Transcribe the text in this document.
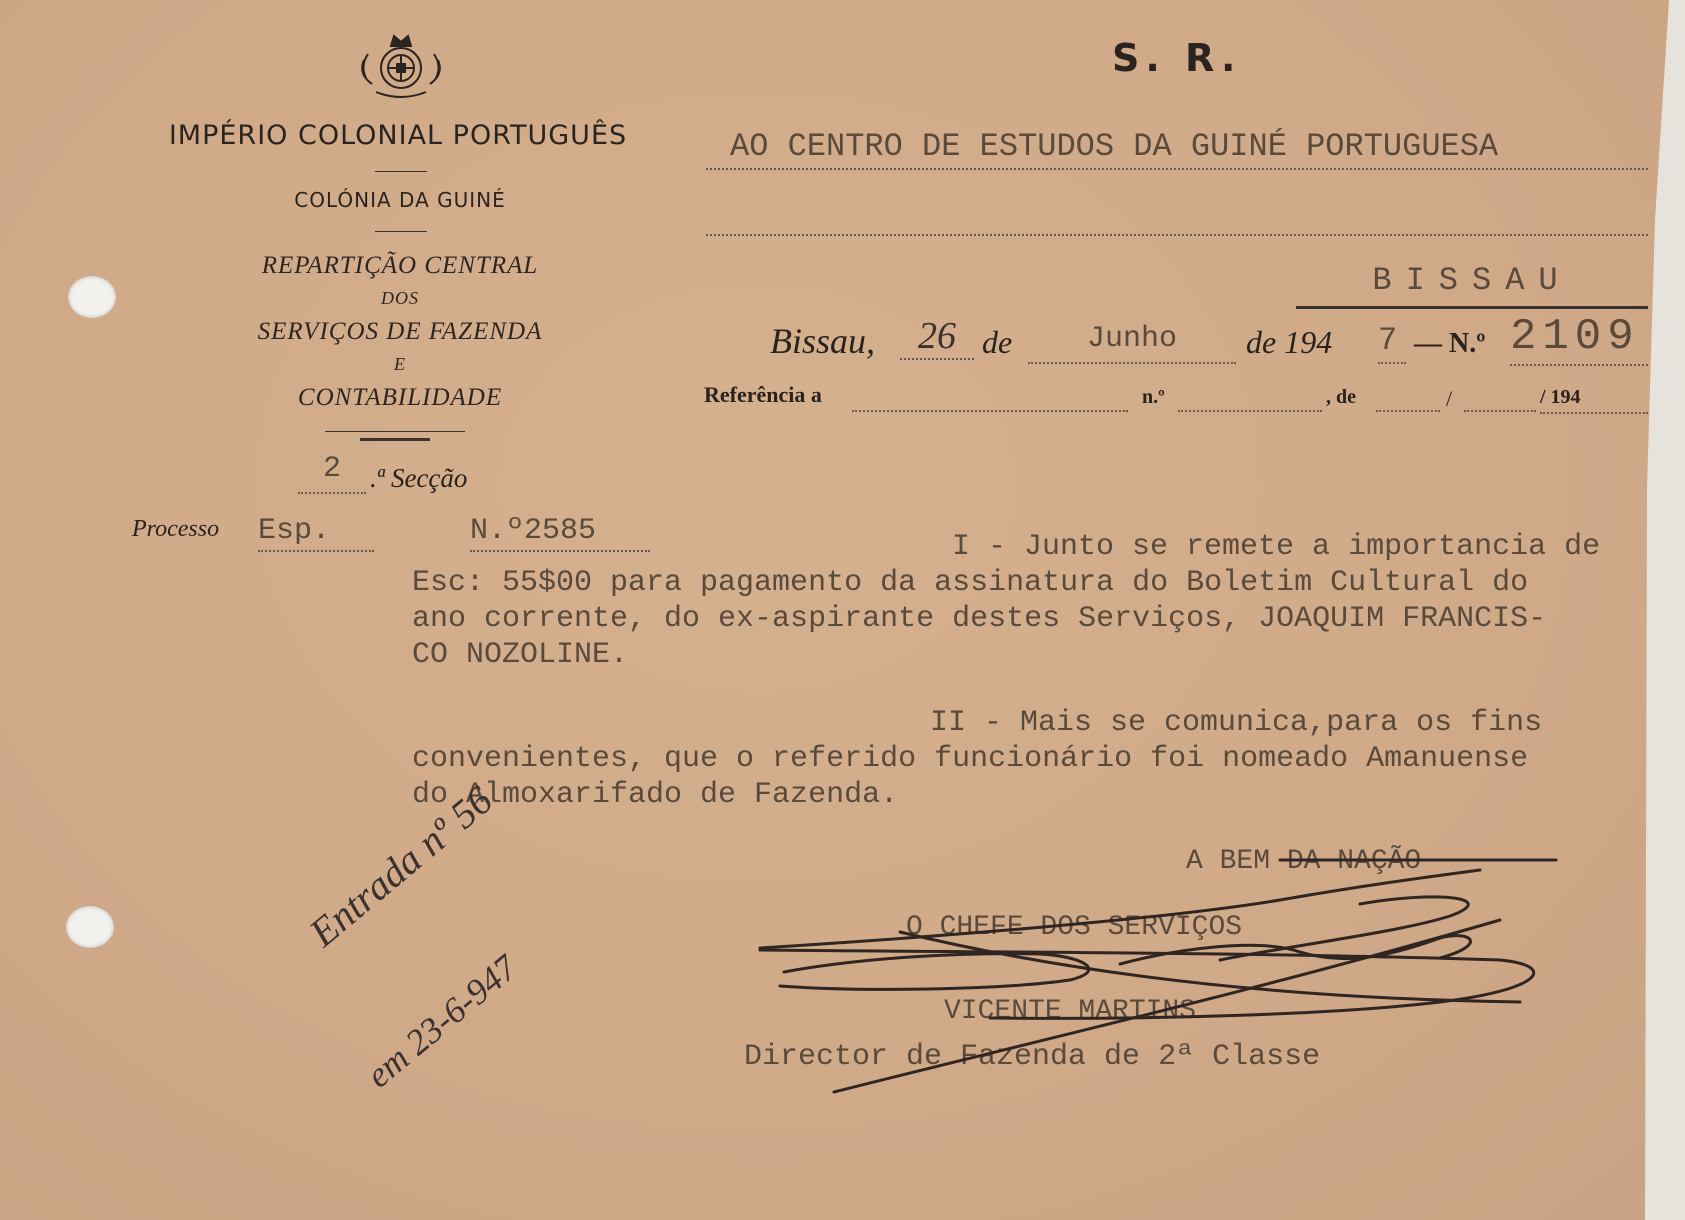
IMPÉRIO COLONIAL PORTUGUÊS
COLÓNIA DA GUINÉ
REPARTIÇÃO CENTRAL
DOS
SERVIÇOS DE FAZENDA
E
CONTABILIDADE
2	.ª Secção
Processo Esp.	N.º2585
S. R.
AO CENTRO DE ESTUDOS DA GUINÉ PORTUGUESA
BISSAU
Bissau,	26 de	Junho	de 194 7 — N.º 2109
Referência a	n.º	, de	/	/ 194
I - Junto se remete a importancia de
Esc: 55$00 para pagamento da assinatura do Boletim Cultural do
ano corrente, do ex-aspirante destes Serviços, JOAQUIM FRANCIS-
CO NOZOLINE.
II - Mais se comunica,para os fins
convenientes, que o referido funcionário foi nomeado Amanuense
do Almoxarifado de Fazenda.
A BEM DA NAÇÃO
O CHEFE DOS SERVIÇOS
VICENTE MARTINS
Director de Fazenda de 2ª Classe
Entrada nº 56
em 23-6-947
